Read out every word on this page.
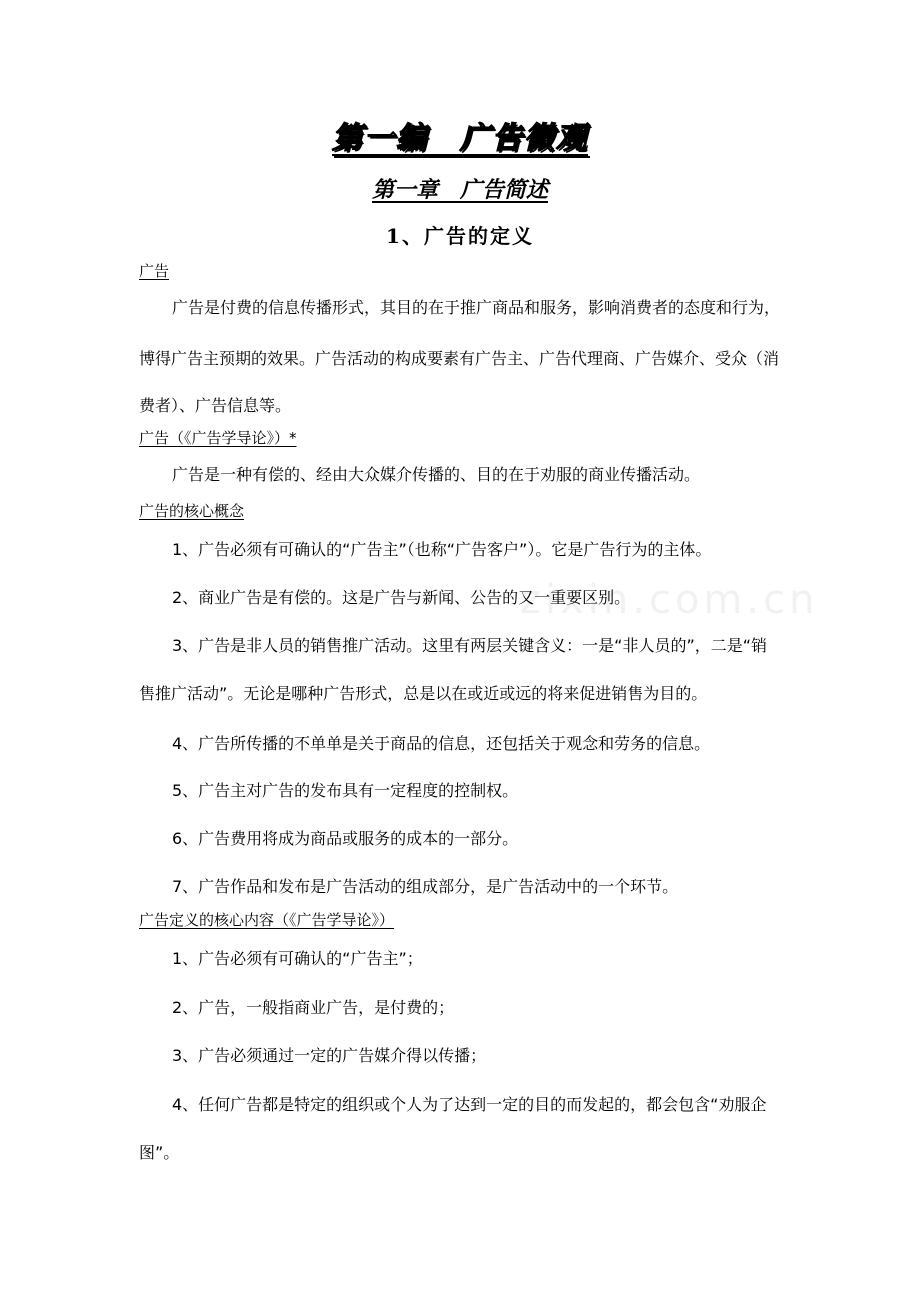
第一编　广告微观
第一章　广告简述
1、广告的定义
zixin.com.cn
广告
广告是付费的信息传播形式，其目的在于推广商品和服务，影响消费者的态度和行为，
博得广告主预期的效果。广告活动的构成要素有广告主、广告代理商、广告媒介、受众（消
费者）、广告信息等。
广告（《广告学导论》）*
广告是一种有偿的、经由大众媒介传播的、目的在于劝服的商业传播活动。
广告的核心概念
1、广告必须有可确认的“广告主”（也称“广告客户”）。它是广告行为的主体。
2、商业广告是有偿的。这是广告与新闻、公告的又一重要区别。
3、广告是非人员的销售推广活动。这里有两层关键含义：一是“非人员的”，二是“销
售推广活动”。无论是哪种广告形式，总是以在或近或远的将来促进销售为目的。
4、广告所传播的不单单是关于商品的信息，还包括关于观念和劳务的信息。
5、广告主对广告的发布具有一定程度的控制权。
6、广告费用将成为商品或服务的成本的一部分。
7、广告作品和发布是广告活动的组成部分，是广告活动中的一个环节。
广告定义的核心内容（《广告学导论》）
1、广告必须有可确认的“广告主”；
2、广告，一般指商业广告，是付费的；
3、广告必须通过一定的广告媒介得以传播；
4、任何广告都是特定的组织或个人为了达到一定的目的而发起的，都会包含“劝服企
图”。
